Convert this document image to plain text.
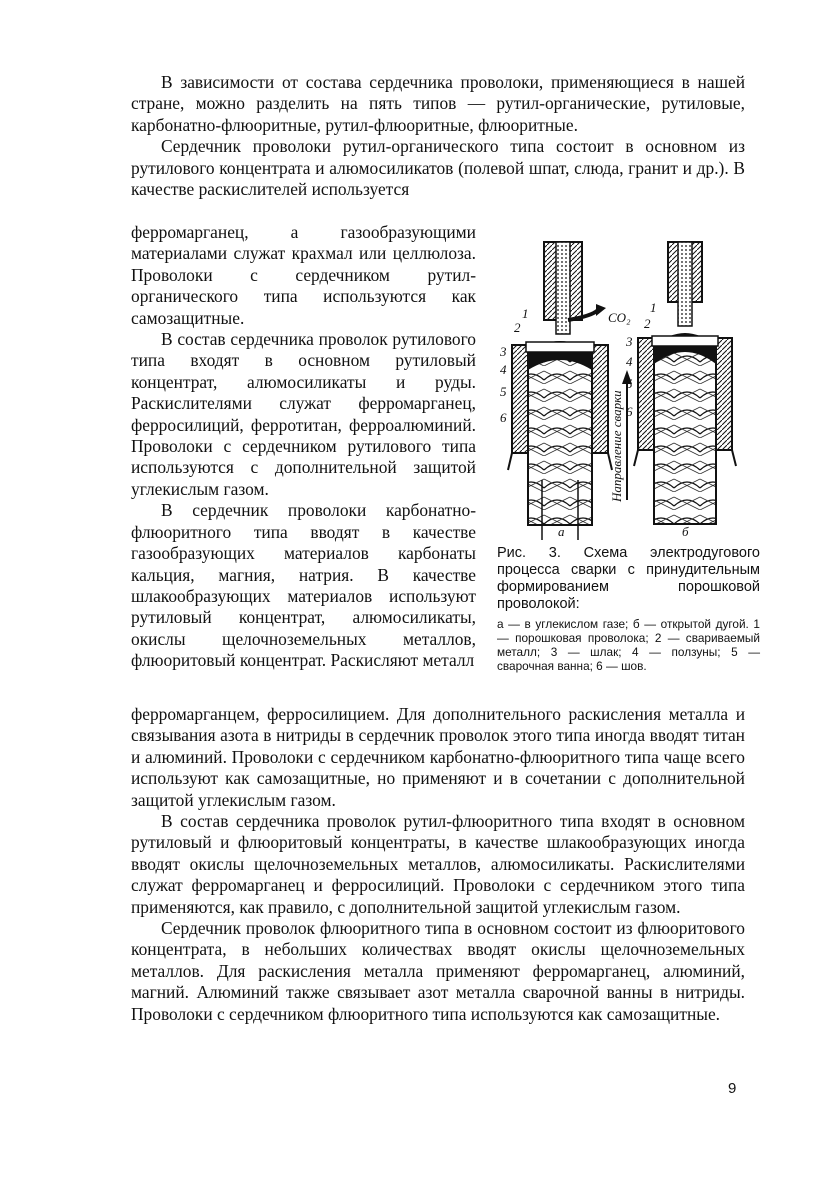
В зависимости от состава сердечника проволоки, применяющиеся в нашей стране, можно разделить на пять типов — рутил-органические, рутиловые, карбонатно-флюоритные, рутил-флюоритные, флюоритные.

Сердечник проволоки рутил-органического типа состоит в основном из рутилового концентрата и алюмосиликатов (полевой шпат, слюда, гранит и др.). В качестве раскислителей используется

ферромарганец, а газообразующими материалами служат крахмал или целлюлоза. Проволоки с сердечником рутил-органического типа используются как самозащитные.

В состав сердечника проволок рутилового типа входят в основном рутиловый концентрат, алюмосиликаты и руды. Раскислителями служат ферромарганец, ферросилиций, ферротитан, ферроалюминий. Проволоки с сердечником рутилового типа используются с дополнительной защитой углекислым газом.

В сердечник проволоки карбонатно-флюоритного типа вводят в качестве газообразующих материалов карбонаты кальция, магния, натрия. В качестве шлакообразующих материалов используют рутиловый концентрат, алюмосиликаты, окислы щелочноземельных металлов, флюоритовый концентрат. Раскисляют металл

Направление сварки
CO₂
1
2
3
4
5
6
1
2
3
4
5
6
а	б
Рис. 3. Схема электродугового процесса сварки с принудительным формированием порошковой проволокой:
а — в углекислом газе; б — открытой дугой. 1 — порошковая проволока; 2 — свариваемый металл; 3 — шлак; 4 — ползуны; 5 — сварочная ванна; 6 — шов.

ферромарганцем, ферросилицием. Для дополнительного раскисления металла и связывания азота в нитриды в сердечник проволок этого типа иногда вводят титан и алюминий. Проволоки с сердечником карбонатно-флюоритного типа чаще всего используют как самозащитные, но применяют и в сочетании с дополнительной защитой углекислым газом.

В состав сердечника проволок рутил-флюоритного типа входят в основном рутиловый и флюоритовый концентраты, в качестве шлакообразующих иногда вводят окислы щелочноземельных металлов, алюмосиликаты. Раскислителями служат ферромарганец и ферросилиций. Проволоки с сердечником этого типа применяются, как правило, с дополнительной защитой углекислым газом.

Сердечник проволок флюоритного типа в основном состоит из флюоритового концентрата, в небольших количествах вводят окислы щелочноземельных металлов. Для раскисления металла применяют ферромарганец, алюминий, магний. Алюминий также связывает азот металла сварочной ванны в нитриды. Проволоки с сердечником флюоритного типа используются как самозащитные.

9
